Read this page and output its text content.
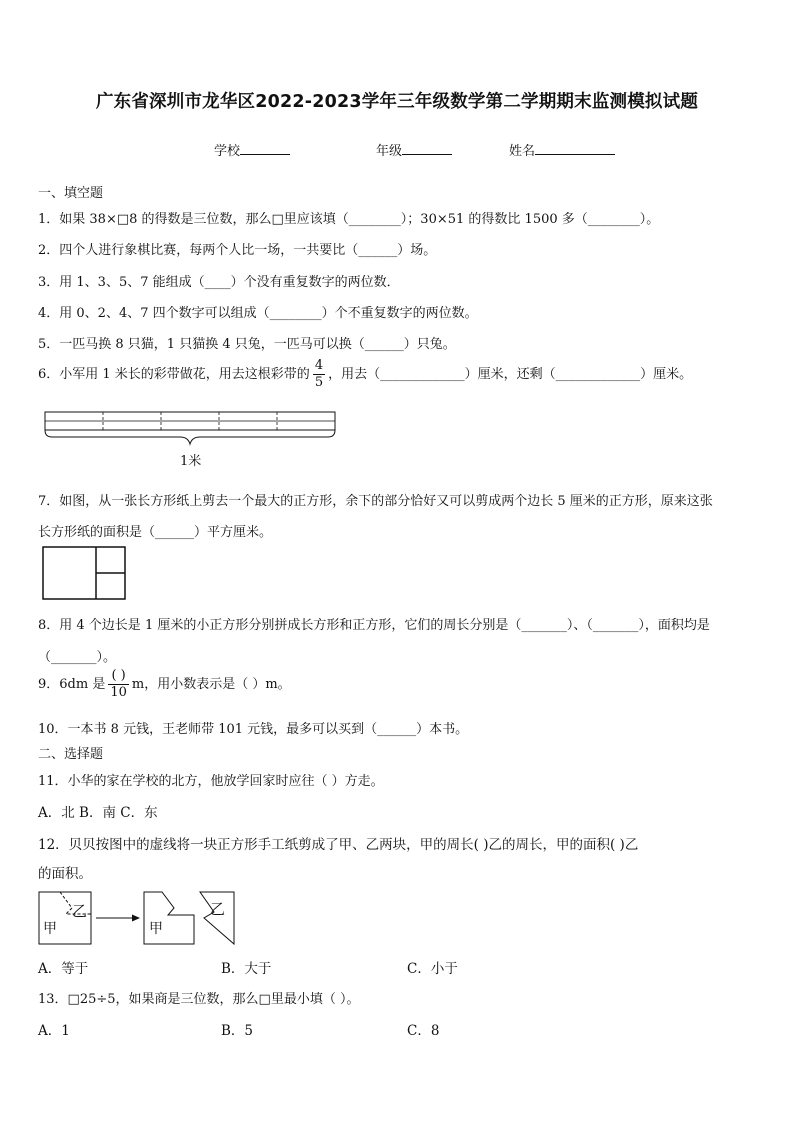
广东省深圳市龙华区2022-2023学年三年级数学第二学期期末监测模拟试题
学校	年级	姓名
一、填空题
1．如果 38×□8 的得数是三位数，那么□里应该填（________）；30×51 的得数比 1500 多（________）。
2．四个人进行象棋比赛，每两个人比一场，一共要比（______）场。
3．用 1、3、5、7 能组成（____）个没有重复数字的两位数．
4．用 0、2、4、7 四个数字可以组成（________）个不重复数字的两位数。
5．一匹马换 8 只猫，1 只猫换 4 只兔，一匹马可以换（______）只兔。
6．小军用 1 米长的彩带做花，用去这根彩带的 $\frac{4}{5}$ ，用去（_____________）厘米，还剩（_____________）厘米。
1米
7．如图，从一张长方形纸上剪去一个最大的正方形，余下的部分恰好又可以剪成两个边长 5 厘米的正方形，原来这张
长方形纸的面积是（______）平方厘米。
8．用 4 个边长是 1 厘米的小正方形分别拼成长方形和正方形，它们的周长分别是（_______）、（_______），面积均是
（_______）。
9．6dm 是 $\frac{( )}{10}$ m，用小数表示是（ ）m。
10．一本书 8 元钱，王老师带 101 元钱，最多可以买到（______）本书。
二、选择题
11．小华的家在学校的北方，他放学回家时应往（ ）方走。
A．北 B．南 C．东
12．贝贝按图中的虚线将一块正方形手工纸剪成了甲、乙两块，甲的周长( )乙的周长，甲的面积( )乙
的面积。
甲
乙
甲
乙
A．等于	B．大于	C．小于
13．□25÷5，如果商是三位数，那么□里最小填（ ）。
A．1	B．5	C．8
